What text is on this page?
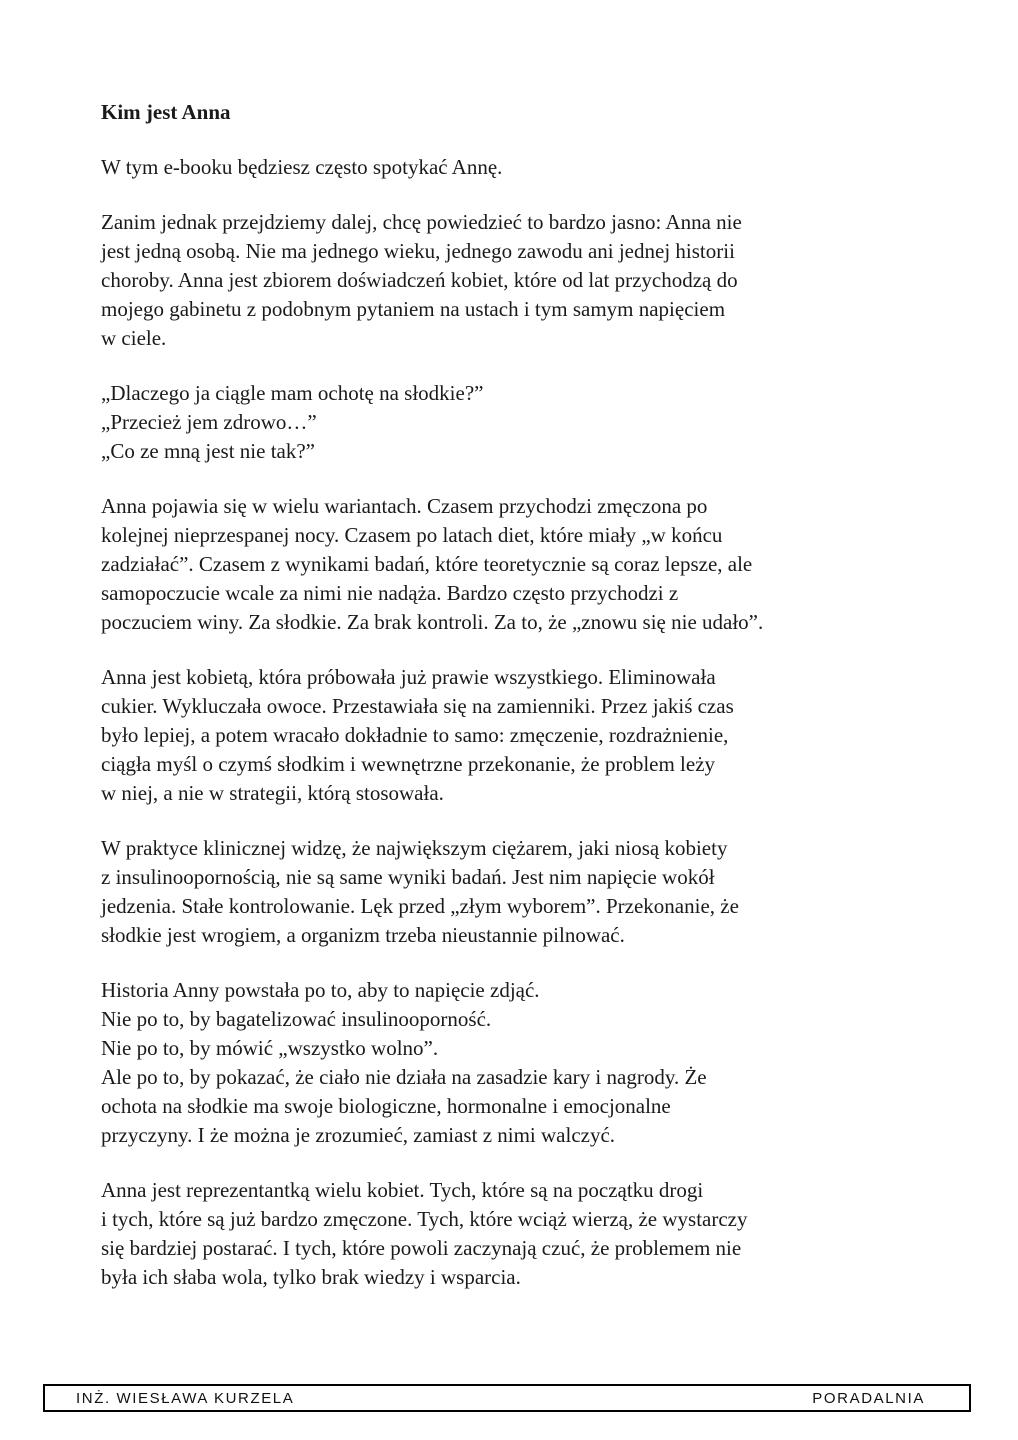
Kim jest Anna
W tym e-booku będziesz często spotykać Annę.
Zanim jednak przejdziemy dalej, chcę powiedzieć to bardzo jasno: Anna nie
jest jedną osobą. Nie ma jednego wieku, jednego zawodu ani jednej historii
choroby. Anna jest zbiorem doświadczeń kobiet, które od lat przychodzą do
mojego gabinetu z podobnym pytaniem na ustach i tym samym napięciem
w ciele.
„Dlaczego ja ciągle mam ochotę na słodkie?”
„Przecież jem zdrowo…”
„Co ze mną jest nie tak?”
Anna pojawia się w wielu wariantach. Czasem przychodzi zmęczona po
kolejnej nieprzespanej nocy. Czasem po latach diet, które miały „w końcu
zadziałać”. Czasem z wynikami badań, które teoretycznie są coraz lepsze, ale
samopoczucie wcale za nimi nie nadąża. Bardzo często przychodzi z
poczuciem winy. Za słodkie. Za brak kontroli. Za to, że „znowu się nie udało”.
Anna jest kobietą, która próbowała już prawie wszystkiego. Eliminowała
cukier. Wykluczała owoce. Przestawiała się na zamienniki. Przez jakiś czas
było lepiej, a potem wracało dokładnie to samo: zmęczenie, rozdrażnienie,
ciągła myśl o czymś słodkim i wewnętrzne przekonanie, że problem leży
w niej, a nie w strategii, którą stosowała.
W praktyce klinicznej widzę, że największym ciężarem, jaki niosą kobiety
z insulinoopornością, nie są same wyniki badań. Jest nim napięcie wokół
jedzenia. Stałe kontrolowanie. Lęk przed „złym wyborem”. Przekonanie, że
słodkie jest wrogiem, a organizm trzeba nieustannie pilnować.
Historia Anny powstała po to, aby to napięcie zdjąć.
Nie po to, by bagatelizować insulinooporność.
Nie po to, by mówić „wszystko wolno”.
Ale po to, by pokazać, że ciało nie działa na zasadzie kary i nagrody. Że
ochota na słodkie ma swoje biologiczne, hormonalne i emocjonalne
przyczyny. I że można je zrozumieć, zamiast z nimi walczyć.
Anna jest reprezentantką wielu kobiet. Tych, które są na początku drogi
i tych, które są już bardzo zmęczone. Tych, które wciąż wierzą, że wystarczy
się bardziej postarać. I tych, które powoli zaczynają czuć, że problemem nie
była ich słaba wola, tylko brak wiedzy i wsparcia.
INŻ. WIESŁAWA KURZELA	PORADALNIA
